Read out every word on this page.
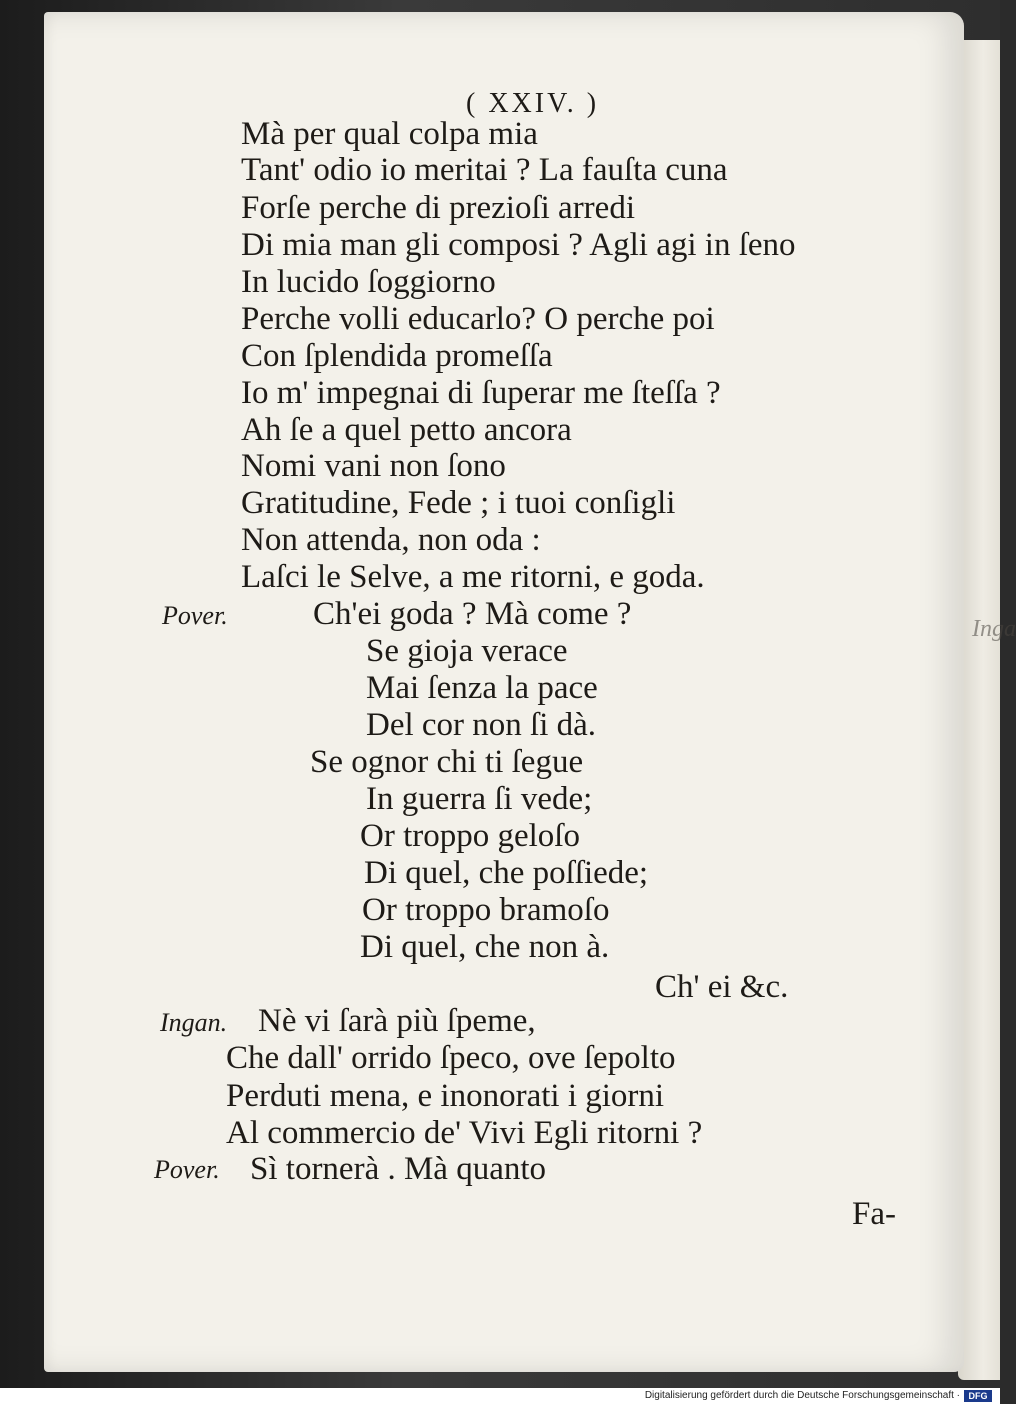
Inga
( XXIV. )
Mà per qual colpa mia
Tant' odio io meritai ? La fauſta cuna
Forſe perche di prezioſi arredi
Di mia man gli composi ? Agli agi in ſeno
In lucido ſoggiorno
Perche volli educarlo? O perche poi
Con ſplendida promeſſa
Io m' impegnai di ſuperar me ſteſſa ?
Ah ſe a quel petto ancora
Nomi vani non ſono
Gratitudine, Fede ; i tuoi conſigli
Non attenda, non oda :
Laſci le Selve, a me ritorni, e goda.
Pover.	Ch'ei goda ? Mà come ?
Se gioja verace
Mai ſenza la pace
Del cor non ſi dà.
Se ognor chi ti ſegue
In guerra ſi vede;
Or troppo geloſo
Di quel, che poſſiede;
Or troppo bramoſo
Di quel, che non à.
Ch' ei &c.
Ingan. Nè vi ſarà più ſpeme,
Che dall' orrido ſpeco, ove ſepolto
Perduti mena, e inonorati i giorni
Al commercio de' Vivi Egli ritorni ?
Pover. Sì tornerà . Mà quanto
Fa-
Digitalisierung gefördert durch die Deutsche Forschungsgemeinschaft · DFG
